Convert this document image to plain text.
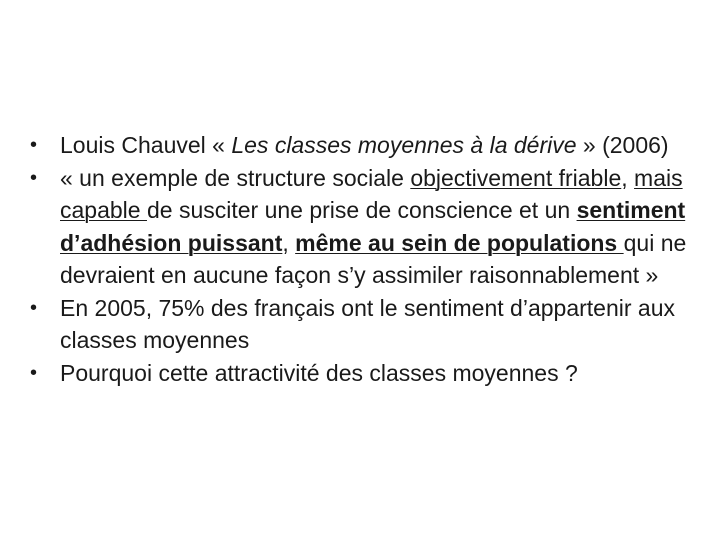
• Louis Chauvel « Les classes moyennes à la dérive » (2006)
• « un exemple de structure sociale objectivement friable, mais capable de susciter une prise de conscience et un sentiment d’adhésion puissant, même au sein de populations qui ne devraient en aucune façon s’y assimiler raisonnablement »
• En 2005, 75% des français ont le sentiment d’appartenir aux classes moyennes
• Pourquoi cette attractivité des classes moyennes ?
